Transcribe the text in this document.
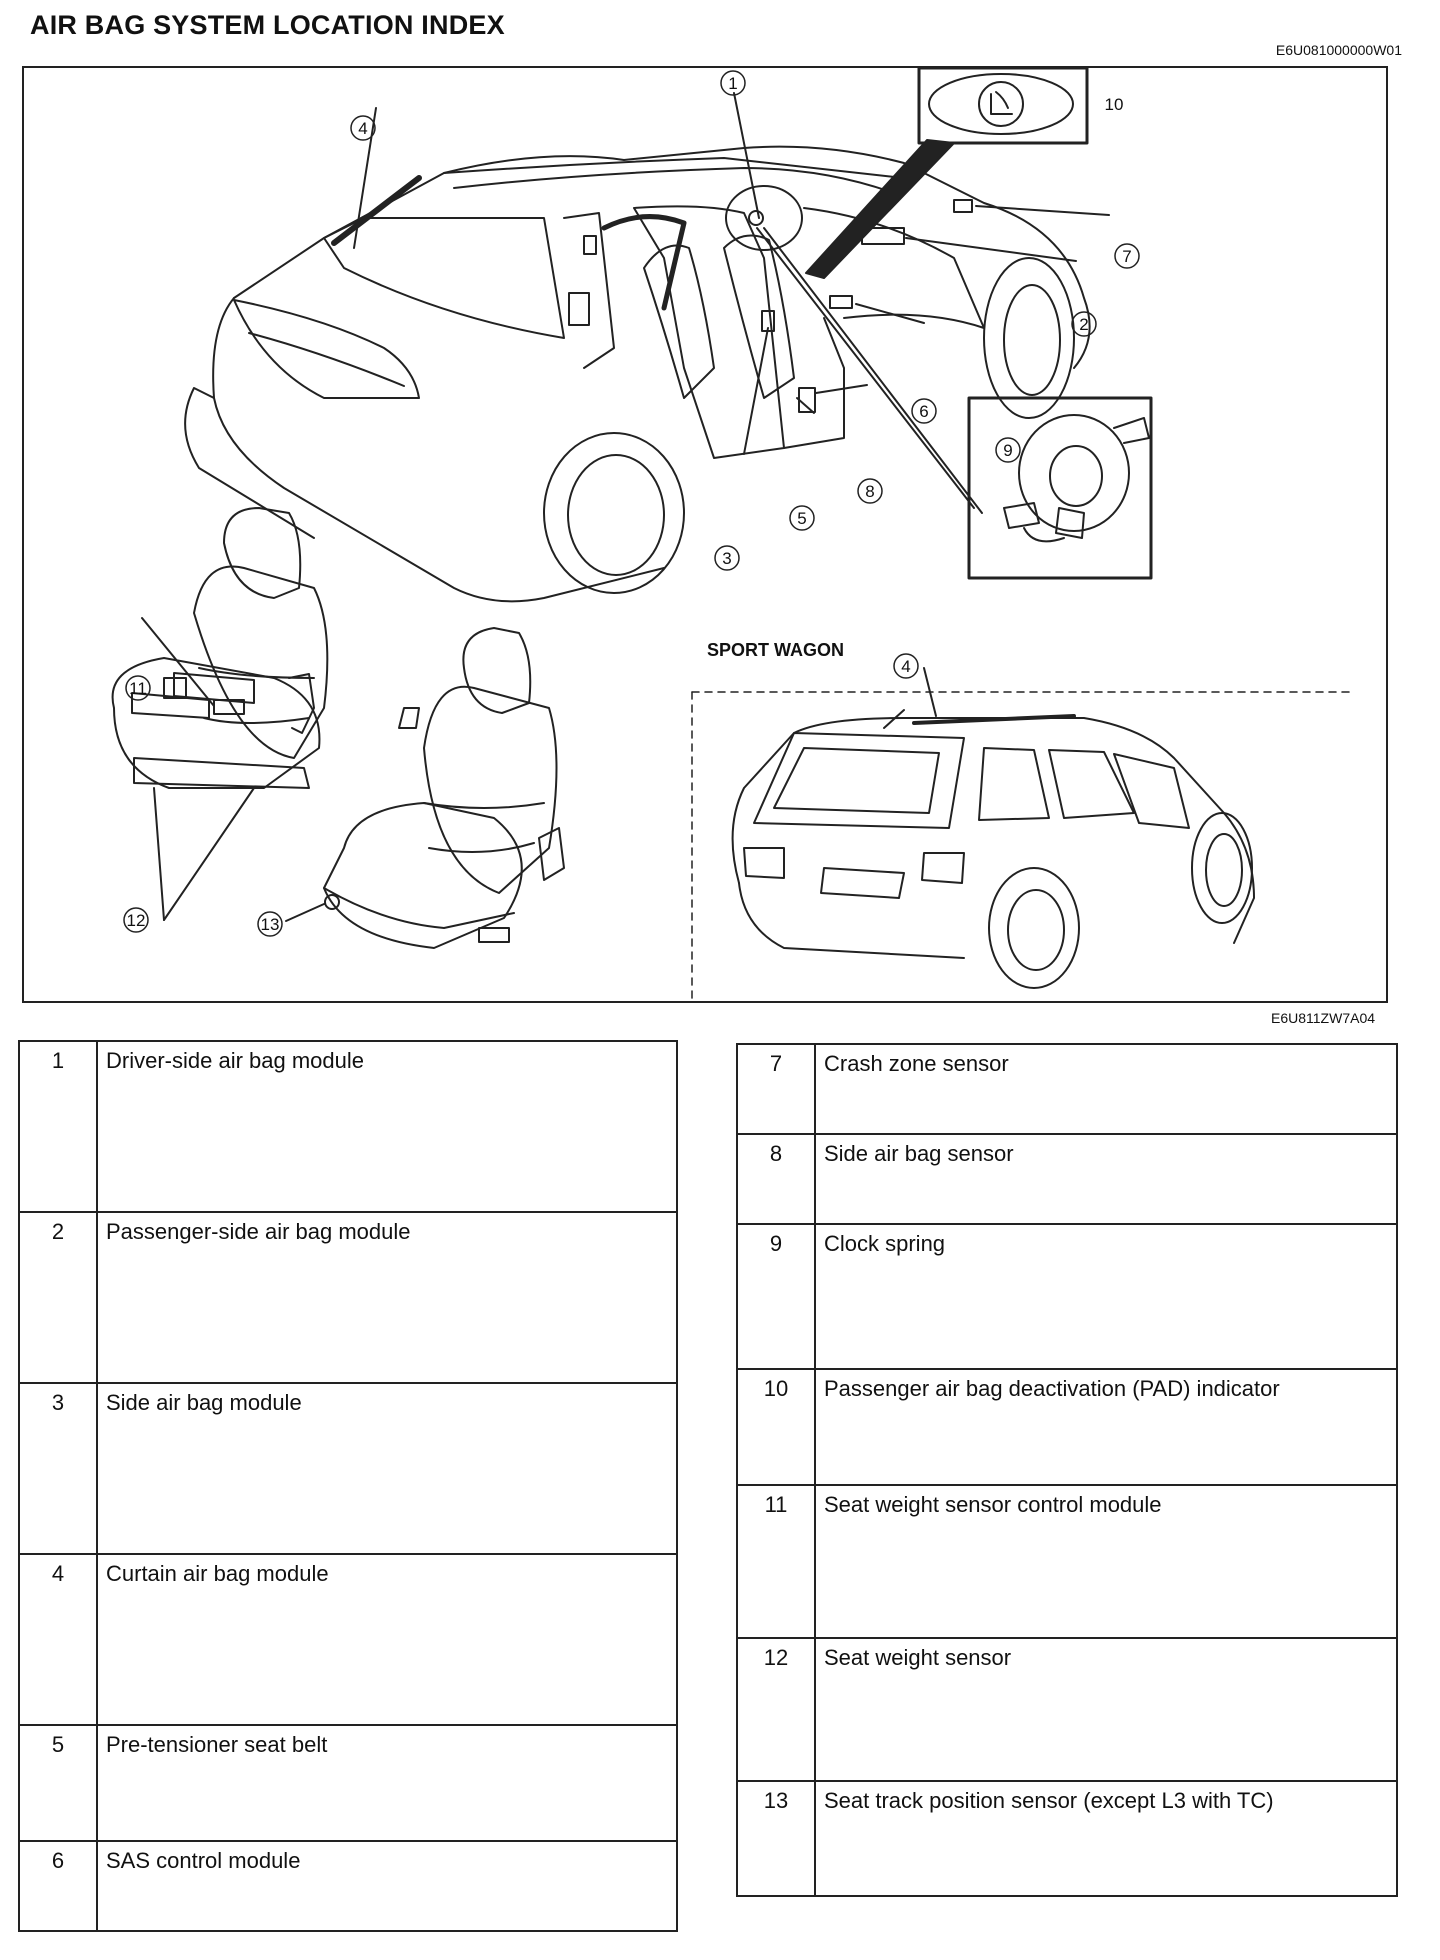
AIR BAG SYSTEM LOCATION INDEX
E6U081000000W01
1
2
3
4
5
6
7
8
9
10
11
12	13
4
SPORT WAGON
E6U811ZW7A04
1	Driver-side air bag module
2	Passenger-side air bag module
3	Side air bag module
4	Curtain air bag module
5	Pre-tensioner seat belt
6	SAS control module
7	Crash zone sensor
8	Side air bag sensor
9	Clock spring
10	Passenger air bag deactivation (PAD) indicator
11	Seat weight sensor control module
12	Seat weight sensor
13	Seat track position sensor (except L3 with TC)
